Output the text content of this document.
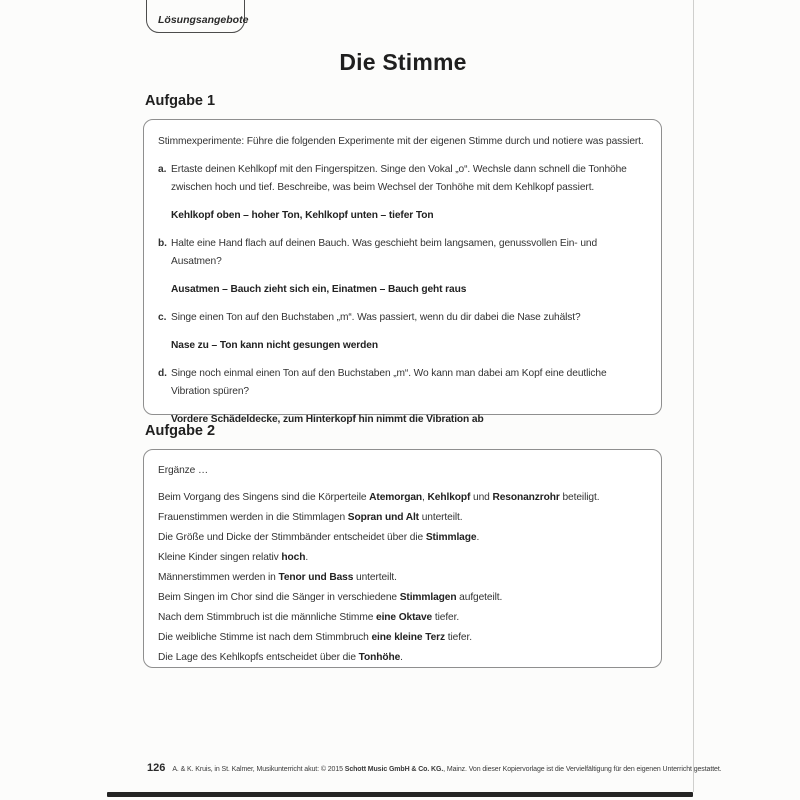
Lösungsangebote
Die Stimme
Aufgabe 1

Stimmexperimente: Führe die folgenden Experimente mit der eigenen Stimme durch und notiere was passiert.

a. Ertaste deinen Kehlkopf mit den Fingerspitzen. Singe den Vokal „o“. Wechsle dann schnell die Tonhöhe zwischen hoch und tief. Beschreibe, was beim Wechsel der Tonhöhe mit dem Kehlkopf passiert.

Kehlkopf oben – hoher Ton, Kehlkopf unten – tiefer Ton

b. Halte eine Hand flach auf deinen Bauch. Was geschieht beim langsamen, genussvollen Ein- und Ausatmen?

Ausatmen – Bauch zieht sich ein, Einatmen – Bauch geht raus

c. Singe einen Ton auf den Buchstaben „m“. Was passiert, wenn du dir dabei die Nase zuhälst?

Nase zu – Ton kann nicht gesungen werden

d. Singe noch einmal einen Ton auf den Buchstaben „m“. Wo kann man dabei am Kopf eine deutliche Vibration spüren?

Vordere Schädeldecke, zum Hinterkopf hin nimmt die Vibration ab

Aufgabe 2

Ergänze …

Beim Vorgang des Singens sind die Körperteile Atemorgan, Kehlkopf und Resonanzrohr beteiligt.

Frauenstimmen werden in die Stimmlagen Sopran und Alt unterteilt.

Die Größe und Dicke der Stimmbänder entscheidet über die Stimmlage.

Kleine Kinder singen relativ hoch.

Männerstimmen werden in Tenor und Bass unterteilt.

Beim Singen im Chor sind die Sänger in verschiedene Stimmlagen aufgeteilt.

Nach dem Stimmbruch ist die männliche Stimme eine Oktave tiefer.

Die weibliche Stimme ist nach dem Stimmbruch eine kleine Terz tiefer.

Die Lage des Kehlkopfs entscheidet über die Tonhöhe.

126 A. & K. Kruis, in St. Kalmer, Musikunterricht akut: © 2015 Schott Music GmbH & Co. KG., Mainz. Von dieser Kopiervorlage ist die Vervielfältigung für den eigenen Unterricht gestattet.
